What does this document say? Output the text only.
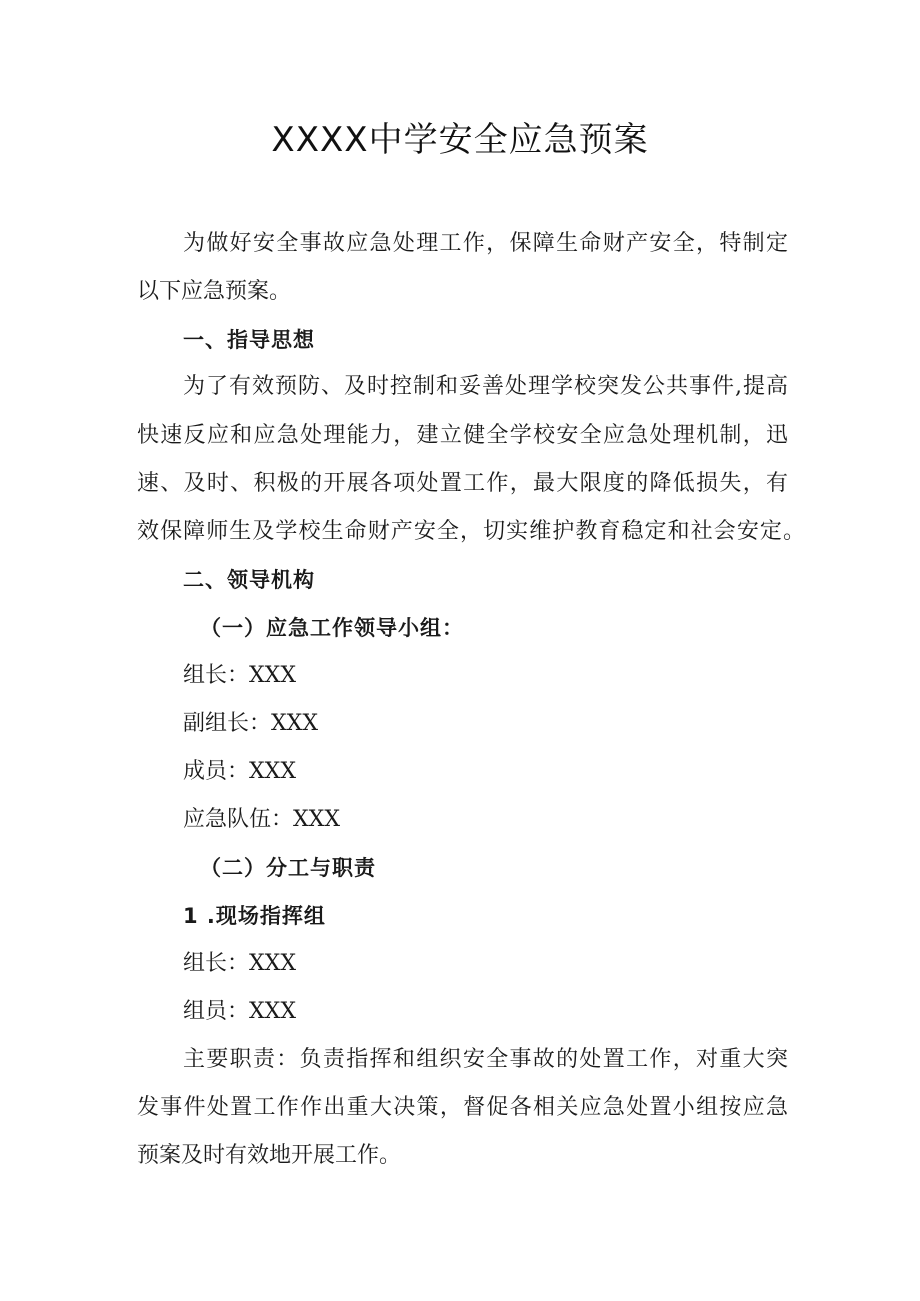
XXXX中学安全应急预案
为做好安全事故应急处理工作，保障生命财产安全，特制定
以下应急预案。
一、指导思想
为了有效预防、及时控制和妥善处理学校突发公共事件,提高
快速反应和应急处理能力，建立健全学校安全应急处理机制，迅
速、及时、积极的开展各项处置工作，最大限度的降低损失，有
效保障师生及学校生命财产安全，切实维护教育稳定和社会安定。
二、领导机构
（一）应急工作领导小组：
组长：XXX
副组长：XXX
成员：XXX
应急队伍：XXX
（二）分工与职责
1 .现场指挥组
组长：XXX
组员：XXX
主要职责：负责指挥和组织安全事故的处置工作，对重大突
发事件处置工作作出重大决策，督促各相关应急处置小组按应急
预案及时有效地开展工作。
